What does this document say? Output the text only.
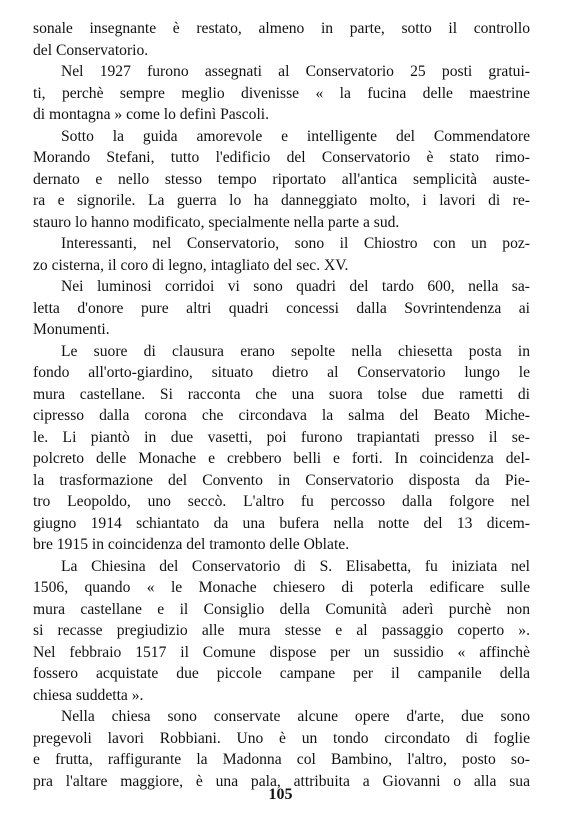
sonale insegnante è restato, almeno in parte, sotto il controllo
del Conservatorio.
Nel 1927 furono assegnati al Conservatorio 25 posti gratui-
ti, perchè sempre meglio divenisse « la fucina delle maestrine
di montagna » come lo definì Pascoli.
Sotto la guida amorevole e intelligente del Commendatore
Morando Stefani, tutto l'edificio del Conservatorio è stato rimo-
dernato e nello stesso tempo riportato all'antica semplicità auste-
ra e signorile. La guerra lo ha danneggiato molto, i lavori di re-
stauro lo hanno modificato, specialmente nella parte a sud.
Interessanti, nel Conservatorio, sono il Chiostro con un poz-
zo cisterna, il coro di legno, intagliato del sec. XV.
Nei luminosi corridoi vi sono quadri del tardo 600, nella sa-
letta d'onore pure altri quadri concessi dalla Sovrintendenza ai
Monumenti.
Le suore di clausura erano sepolte nella chiesetta posta in
fondo all'orto-giardino, situato dietro al Conservatorio lungo le
mura castellane. Si racconta che una suora tolse due rametti di
cipresso dalla corona che circondava la salma del Beato Miche-
le. Li piantò in due vasetti, poi furono trapiantati presso il se-
polcreto delle Monache e crebbero belli e forti. In coincidenza del-
la trasformazione del Convento in Conservatorio disposta da Pie-
tro Leopoldo, uno seccò. L'altro fu percosso dalla folgore nel
giugno 1914 schiantato da una bufera nella notte del 13 dicem-
bre 1915 in coincidenza del tramonto delle Oblate.
La Chiesina del Conservatorio di S. Elisabetta, fu iniziata nel
1506, quando « le Monache chiesero di poterla edificare sulle
mura castellane e il Consiglio della Comunità aderì purchè non
si recasse pregiudizio alle mura stesse e al passaggio coperto ».
Nel febbraio 1517 il Comune dispose per un sussidio « affinchè
fossero acquistate due piccole campane per il campanile della
chiesa suddetta ».
Nella chiesa sono conservate alcune opere d'arte, due sono
pregevoli lavori Robbiani. Uno è un tondo circondato di foglie
e frutta, raffigurante la Madonna col Bambino, l'altro, posto so-
pra l'altare maggiore, è una pala, attribuita a Giovanni o alla sua
105
